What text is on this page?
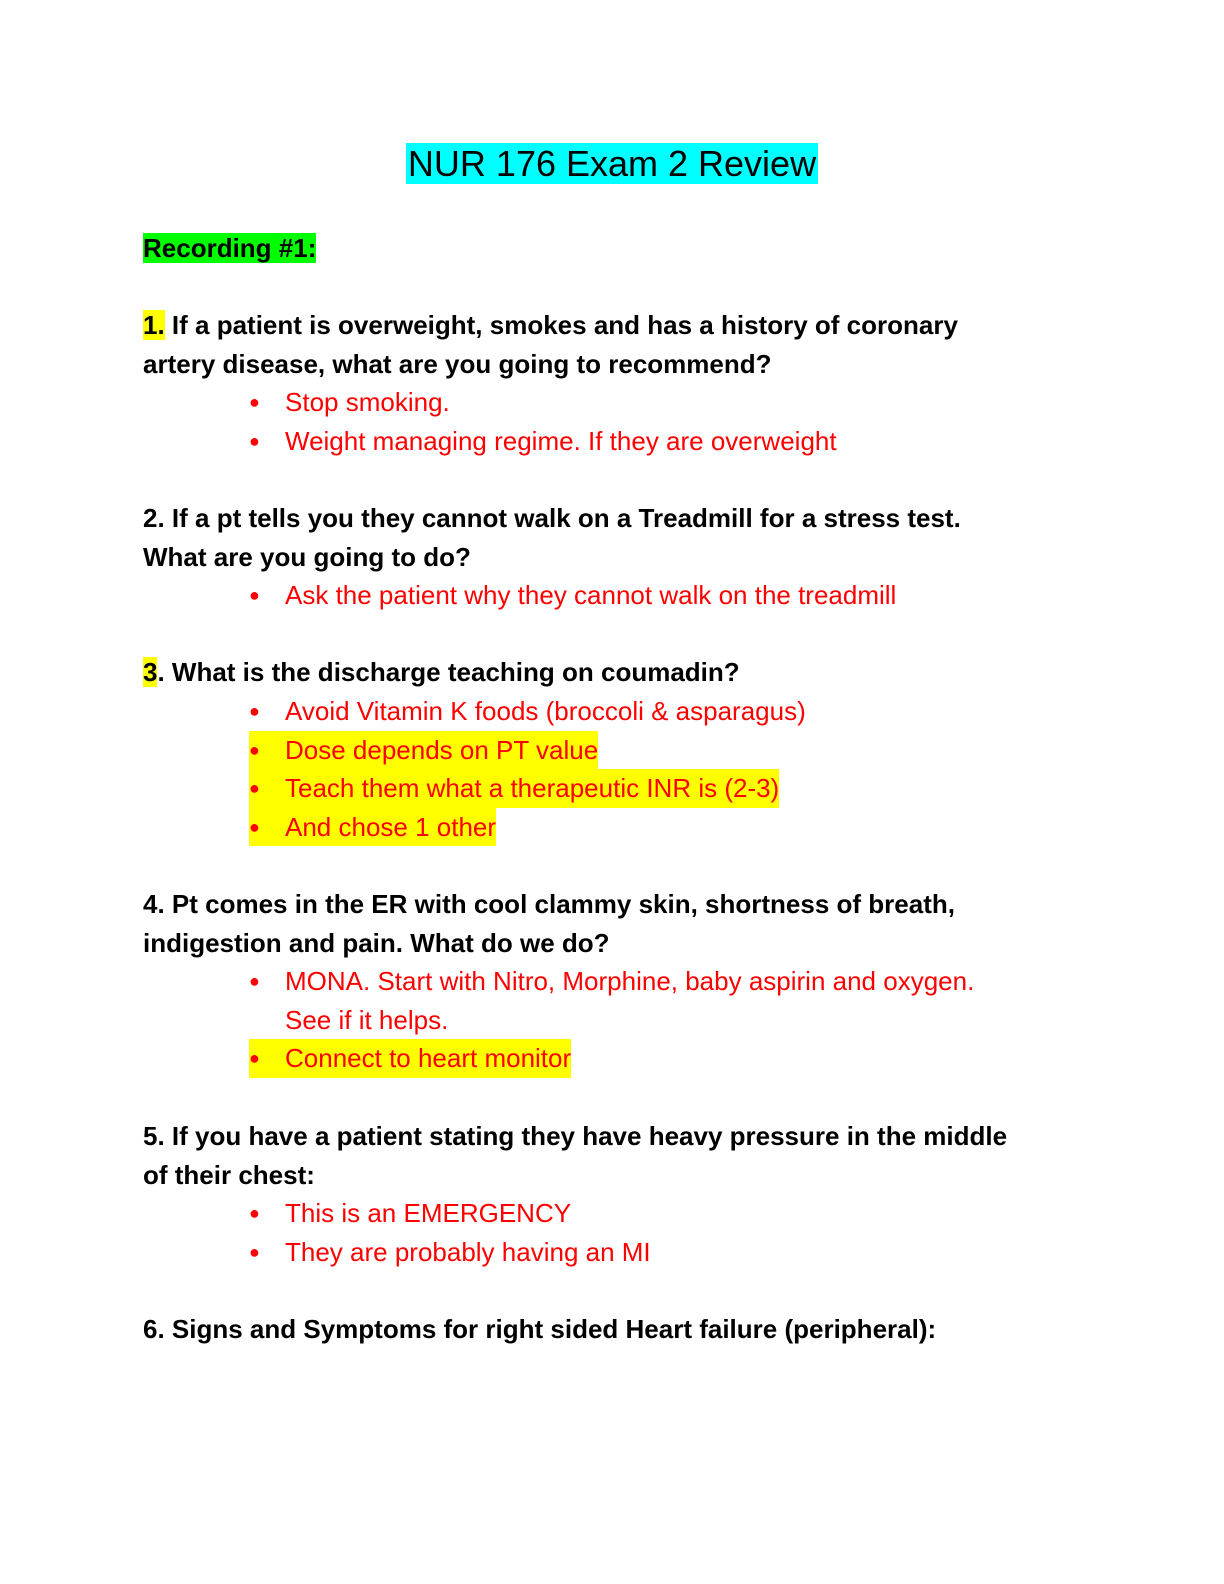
NUR 176 Exam 2 Review
Recording #1:
1. If a patient is overweight, smokes and has a history of coronary
artery disease, what are you going to recommend?
● Stop smoking.
● Weight managing regime. If they are overweight
2. If a pt tells you they cannot walk on a Treadmill for a stress test.
What are you going to do?
● Ask the patient why they cannot walk on the treadmill
3. What is the discharge teaching on coumadin?
● Avoid Vitamin K foods (broccoli & asparagus)
● Dose depends on PT value
● Teach them what a therapeutic INR is (2-3)
● And chose 1 other
4. Pt comes in the ER with cool clammy skin, shortness of breath,
indigestion and pain. What do we do?
● MONA. Start with Nitro, Morphine, baby aspirin and oxygen.
See if it helps.
● Connect to heart monitor
5. If you have a patient stating they have heavy pressure in the middle
of their chest:
● This is an EMERGENCY
● They are probably having an MI
6. Signs and Symptoms for right sided Heart failure (peripheral):
